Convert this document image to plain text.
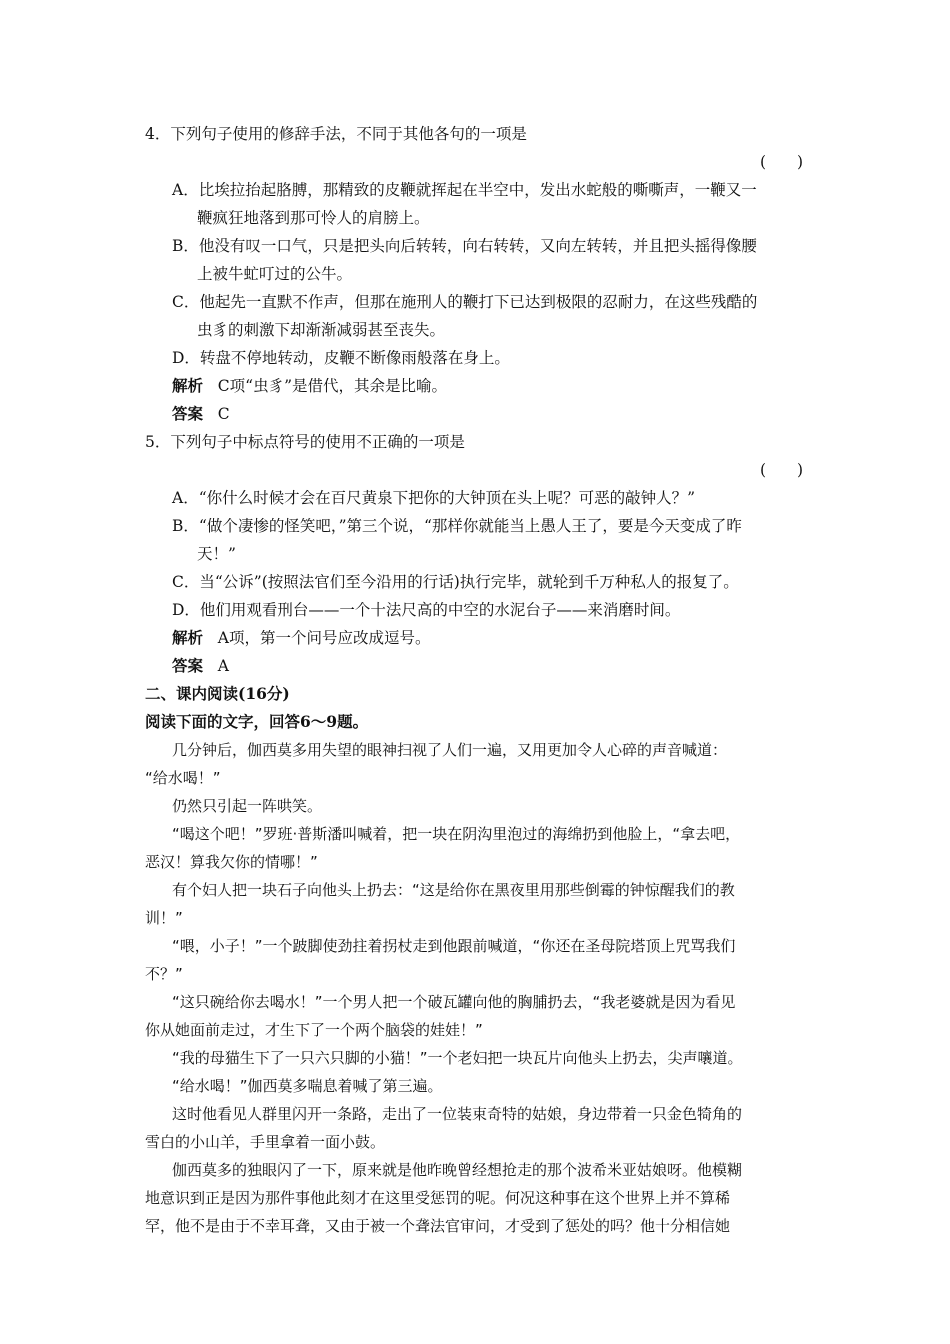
4．下列句子使用的修辞手法，不同于其他各句的一项是
(　　)
A．比埃拉抬起胳膊，那精致的皮鞭就挥起在半空中，发出水蛇般的嘶嘶声，一鞭又一
鞭疯狂地落到那可怜人的肩膀上。
B．他没有叹一口气，只是把头向后转转，向右转转，又向左转转，并且把头摇得像腰
上被牛虻叮过的公牛。
C．他起先一直默不作声，但那在施刑人的鞭打下已达到极限的忍耐力，在这些残酷的
虫豸的刺激下却渐渐减弱甚至丧失。
D．转盘不停地转动，皮鞭不断像雨般落在身上。
解析 C项“虫豸”是借代，其余是比喻。
答案 C
5．下列句子中标点符号的使用不正确的一项是
(　　)
A．“你什么时候才会在百尺黄泉下把你的大钟顶在头上呢？可恶的敲钟人？”
B．“做个凄惨的怪笑吧，”第三个说，“那样你就能当上愚人王了，要是今天变成了昨
天！”
C．当“公诉”(按照法官们至今沿用的行话)执行完毕，就轮到千万种私人的报复了。
D．他们用观看刑台——一个十法尺高的中空的水泥台子——来消磨时间。
解析 A项，第一个问号应改成逗号。
答案 A
二、课内阅读(16分)
阅读下面的文字，回答6～9题。
几分钟后，伽西莫多用失望的眼神扫视了人们一遍，又用更加令人心碎的声音喊道：
“给水喝！”
仍然只引起一阵哄笑。
“喝这个吧！”罗班·普斯潘叫喊着，把一块在阴沟里泡过的海绵扔到他脸上，“拿去吧，
恶汉！算我欠你的情哪！”
有个妇人把一块石子向他头上扔去：“这是给你在黑夜里用那些倒霉的钟惊醒我们的教
训！”
“喂，小子！”一个跛脚使劲拄着拐杖走到他跟前喊道，“你还在圣母院塔顶上咒骂我们
不？”
“这只碗给你去喝水！”一个男人把一个破瓦罐向他的胸脯扔去，“我老婆就是因为看见
你从她面前走过，才生下了一个两个脑袋的娃娃！”
“我的母猫生下了一只六只脚的小猫！”一个老妇把一块瓦片向他头上扔去，尖声嚷道。
“给水喝！”伽西莫多喘息着喊了第三遍。
这时他看见人群里闪开一条路，走出了一位装束奇特的姑娘，身边带着一只金色犄角的
雪白的小山羊，手里拿着一面小鼓。
伽西莫多的独眼闪了一下，原来就是他昨晚曾经想抢走的那个波希米亚姑娘呀。他模糊
地意识到正是因为那件事他此刻才在这里受惩罚的呢。何况这种事在这个世界上并不算稀
罕，他不是由于不幸耳聋，又由于被一个聋法官审问，才受到了惩处的吗？他十分相信她
